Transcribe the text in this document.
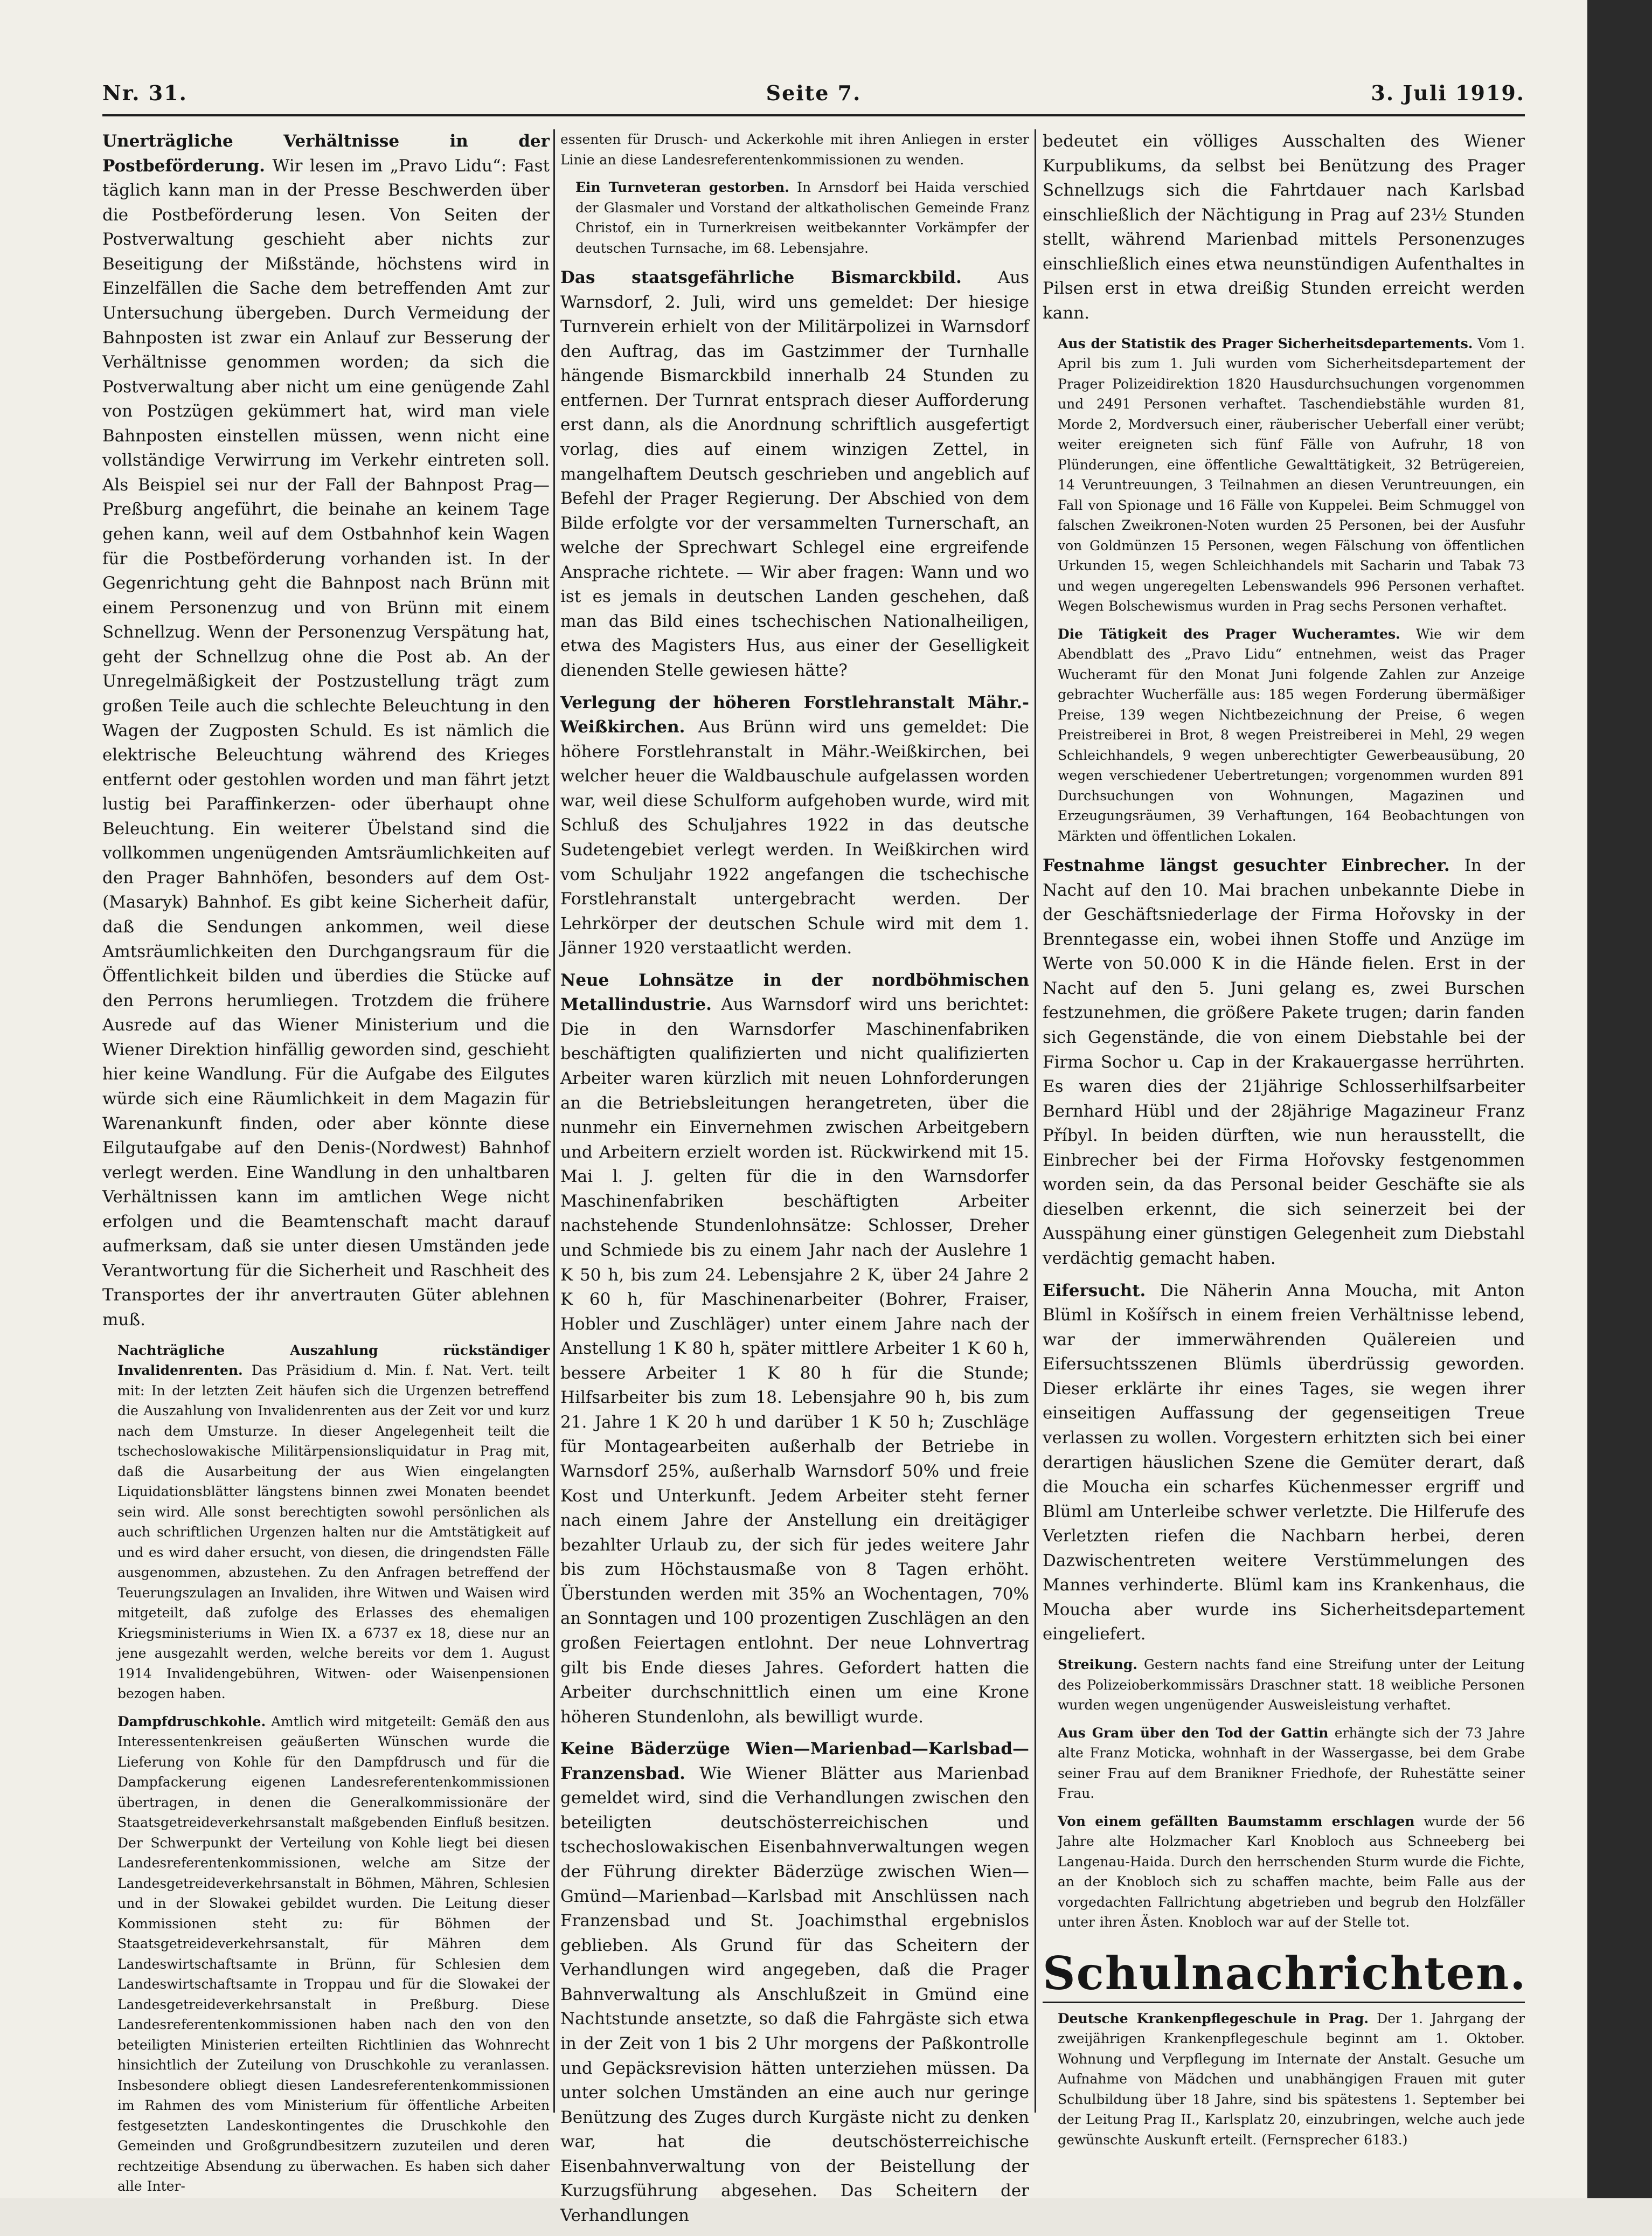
Nr. 31.	Seite 7.	3. Juli 1919.

Unerträgliche Verhältnisse in der Postbeförderung. Wir lesen im „Pravo Lidu“: Fast täglich kann man in der Presse Beschwerden über die Postbeförderung lesen. Von Seiten der Postverwaltung geschieht aber nichts zur Beseitigung der Mißstände, höchstens wird in Einzelfällen die Sache dem betreffenden Amt zur Untersuchung übergeben. Durch Vermeidung der Bahnposten ist zwar ein Anlauf zur Besserung der Verhältnisse genommen worden; da sich die Postverwaltung aber nicht um eine genügende Zahl von Postzügen gekümmert hat, wird man viele Bahnposten einstellen müssen, wenn nicht eine vollständige Verwirrung im Verkehr eintreten soll. Als Beispiel sei nur der Fall der Bahnpost Prag—Preßburg angeführt, die beinahe an keinem Tage gehen kann, weil auf dem Ostbahnhof kein Wagen für die Postbeförderung vorhanden ist. In der Gegenrichtung geht die Bahnpost nach Brünn mit einem Personenzug und von Brünn mit einem Schnellzug. Wenn der Personenzug Verspätung hat, geht der Schnellzug ohne die Post ab. An der Unregelmäßigkeit der Postzustellung trägt zum großen Teile auch die schlechte Beleuchtung in den Wagen der Zugposten Schuld. Es ist nämlich die elektrische Beleuchtung während des Krieges entfernt oder gestohlen worden und man fährt jetzt lustig bei Paraffinkerzen- oder überhaupt ohne Beleuchtung. Ein weiterer Übelstand sind die vollkommen ungenügenden Amtsräumlichkeiten auf den Prager Bahnhöfen, besonders auf dem Ost-(Masaryk) Bahnhof. Es gibt keine Sicherheit dafür, daß die Sendungen ankommen, weil diese Amtsräumlichkeiten den Durchgangsraum für die Öffentlichkeit bilden und überdies die Stücke auf den Perrons herumliegen. Trotzdem die frühere Ausrede auf das Wiener Ministerium und die Wiener Direktion hinfällig geworden sind, geschieht hier keine Wandlung. Für die Aufgabe des Eilgutes würde sich eine Räumlichkeit in dem Magazin für Warenankunft finden, oder aber könnte diese Eilgutaufgabe auf den Denis-(Nordwest) Bahnhof verlegt werden. Eine Wandlung in den unhaltbaren Verhältnissen kann im amtlichen Wege nicht erfolgen und die Beamtenschaft macht darauf aufmerksam, daß sie unter diesen Umständen jede Verantwortung für die Sicherheit und Raschheit des Transportes der ihr anvertrauten Güter ablehnen muß.

Nachträgliche Auszahlung rückständiger Invalidenrenten. Das Präsidium d. Min. f. Nat. Vert. teilt mit: In der letzten Zeit häufen sich die Urgenzen betreffend die Auszahlung von Invalidenrenten aus der Zeit vor und kurz nach dem Umsturze. In dieser Angelegenheit teilt die tschechoslowakische Militärpensionsliquidatur in Prag mit, daß die Ausarbeitung der aus Wien eingelangten Liquidationsblätter längstens binnen zwei Monaten beendet sein wird. Alle sonst berechtigten sowohl persönlichen als auch schriftlichen Urgenzen halten nur die Amtstätigkeit auf und es wird daher ersucht, von diesen, die dringendsten Fälle ausgenommen, abzustehen. Zu den Anfragen betreffend der Teuerungszulagen an Invaliden, ihre Witwen und Waisen wird mitgeteilt, daß zufolge des Erlasses des ehemaligen Kriegsministeriums in Wien IX. a 6737 ex 18, diese nur an jene ausgezahlt werden, welche bereits vor dem 1. August 1914 Invalidengebühren, Witwen- oder Waisenpensionen bezogen haben.

Dampfdruschkohle. Amtlich wird mitgeteilt: Gemäß den aus Interessentenkreisen geäußerten Wünschen wurde die Lieferung von Kohle für den Dampfdrusch und für die Dampfackerung eigenen Landesreferentenkommissionen übertragen, in denen die Generalkommissionäre der Staatsgetreideverkehrsanstalt maßgebenden Einfluß besitzen. Der Schwerpunkt der Verteilung von Kohle liegt bei diesen Landesreferentenkommissionen, welche am Sitze der Landesgetreideverkehrsanstalt in Böhmen, Mähren, Schlesien und in der Slowakei gebildet wurden. Die Leitung dieser Kommissionen steht zu: für Böhmen der Staatsgetreideverkehrsanstalt, für Mähren dem Landeswirtschaftsamte in Brünn, für Schlesien dem Landeswirtschaftsamte in Troppau und für die Slowakei der Landesgetreideverkehrsanstalt in Preßburg. Diese Landesreferentenkommissionen haben nach den von den beteiligten Ministerien erteilten Richtlinien das Wohnrecht hinsichtlich der Zuteilung von Druschkohle zu veranlassen. Insbesondere obliegt diesen Landesreferentenkommissionen im Rahmen des vom Ministerium für öffentliche Arbeiten festgesetzten Landeskontingentes die Druschkohle den Gemeinden und Großgrundbesitzern zuzuteilen und deren rechtzeitige Absendung zu überwachen. Es haben sich daher alle Inter-

essenten für Drusch- und Ackerkohle mit ihren Anliegen in erster Linie an diese Landesreferentenkommissionen zu wenden.

Ein Turnveteran gestorben. In Arnsdorf bei Haida verschied der Glasmaler und Vorstand der altkatholischen Gemeinde Franz Christof, ein in Turnerkreisen weitbekannter Vorkämpfer der deutschen Turnsache, im 68. Lebensjahre.

Das staatsgefährliche Bismarckbild. Aus Warnsdorf, 2. Juli, wird uns gemeldet: Der hiesige Turnverein erhielt von der Militärpolizei in Warnsdorf den Auftrag, das im Gastzimmer der Turnhalle hängende Bismarckbild innerhalb 24 Stunden zu entfernen. Der Turnrat entsprach dieser Aufforderung erst dann, als die Anordnung schriftlich ausgefertigt vorlag, dies auf einem winzigen Zettel, in mangelhaftem Deutsch geschrieben und angeblich auf Befehl der Prager Regierung. Der Abschied von dem Bilde erfolgte vor der versammelten Turnerschaft, an welche der Sprechwart Schlegel eine ergreifende Ansprache richtete. — Wir aber fragen: Wann und wo ist es jemals in deutschen Landen geschehen, daß man das Bild eines tschechischen Nationalheiligen, etwa des Magisters Hus, aus einer der Geselligkeit dienenden Stelle gewiesen hätte?

Verlegung der höheren Forstlehranstalt Mähr.-Weißkirchen. Aus Brünn wird uns gemeldet: Die höhere Forstlehranstalt in Mähr.-Weißkirchen, bei welcher heuer die Waldbauschule aufgelassen worden war, weil diese Schulform aufgehoben wurde, wird mit Schluß des Schuljahres 1922 in das deutsche Sudetengebiet verlegt werden. In Weißkirchen wird vom Schuljahr 1922 angefangen die tschechische Forstlehranstalt untergebracht werden. Der Lehrkörper der deutschen Schule wird mit dem 1. Jänner 1920 verstaatlicht werden.

Neue Lohnsätze in der nordböhmischen Metallindustrie. Aus Warnsdorf wird uns berichtet: Die in den Warnsdorfer Maschinenfabriken beschäftigten qualifizierten und nicht qualifizierten Arbeiter waren kürzlich mit neuen Lohnforderungen an die Betriebsleitungen herangetreten, über die nunmehr ein Einvernehmen zwischen Arbeitgebern und Arbeitern erzielt worden ist. Rückwirkend mit 15. Mai l. J. gelten für die in den Warnsdorfer Maschinenfabriken beschäftigten Arbeiter nachstehende Stundenlohnsätze: Schlosser, Dreher und Schmiede bis zu einem Jahr nach der Auslehre 1 K 50 h, bis zum 24. Lebensjahre 2 K, über 24 Jahre 2 K 60 h, für Maschinenarbeiter (Bohrer, Fraiser, Hobler und Zuschläger) unter einem Jahre nach der Anstellung 1 K 80 h, später mittlere Arbeiter 1 K 60 h, bessere Arbeiter 1 K 80 h für die Stunde; Hilfsarbeiter bis zum 18. Lebensjahre 90 h, bis zum 21. Jahre 1 K 20 h und darüber 1 K 50 h; Zuschläge für Montagearbeiten außerhalb der Betriebe in Warnsdorf 25%, außerhalb Warnsdorf 50% und freie Kost und Unterkunft. Jedem Arbeiter steht ferner nach einem Jahre der Anstellung ein dreitägiger bezahlter Urlaub zu, der sich für jedes weitere Jahr bis zum Höchstausmaße von 8 Tagen erhöht. Überstunden werden mit 35% an Wochentagen, 70% an Sonntagen und 100 prozentigen Zuschlägen an den großen Feiertagen entlohnt. Der neue Lohnvertrag gilt bis Ende dieses Jahres. Gefordert hatten die Arbeiter durchschnittlich einen um eine Krone höheren Stundenlohn, als bewilligt wurde.

Keine Bäderzüge Wien—Marienbad—Karlsbad—Franzensbad. Wie Wiener Blätter aus Marienbad gemeldet wird, sind die Verhandlungen zwischen den beteiligten deutschösterreichischen und tschechoslowakischen Eisenbahnverwaltungen wegen der Führung direkter Bäderzüge zwischen Wien—Gmünd—Marienbad—Karlsbad mit Anschlüssen nach Franzensbad und St. Joachimsthal ergebnislos geblieben. Als Grund für das Scheitern der Verhandlungen wird angegeben, daß die Prager Bahnverwaltung als Anschlußzeit in Gmünd eine Nachtstunde ansetzte, so daß die Fahrgäste sich etwa in der Zeit von 1 bis 2 Uhr morgens der Paßkontrolle und Gepäcksrevision hätten unterziehen müssen. Da unter solchen Umständen an eine auch nur geringe Benützung des Zuges durch Kurgäste nicht zu denken war, hat die deutschösterreichische Eisenbahnverwaltung von der Beistellung der Kurzugsführung abgesehen. Das Scheitern der Verhandlungen

bedeutet ein völliges Ausschalten des Wiener Kurpublikums, da selbst bei Benützung des Prager Schnellzugs sich die Fahrtdauer nach Karlsbad einschließlich der Nächtigung in Prag auf 23½ Stunden stellt, während Marienbad mittels Personenzuges einschließlich eines etwa neunstündigen Aufenthaltes in Pilsen erst in etwa dreißig Stunden erreicht werden kann.

Aus der Statistik des Prager Sicherheitsdepartements. Vom 1. April bis zum 1. Juli wurden vom Sicherheitsdepartement der Prager Polizeidirektion 1820 Hausdurchsuchungen vorgenommen und 2491 Personen verhaftet. Taschendiebstähle wurden 81, Morde 2, Mordversuch einer, räuberischer Ueberfall einer verübt; weiter ereigneten sich fünf Fälle von Aufruhr, 18 von Plünderungen, eine öffentliche Gewalttätigkeit, 32 Betrügereien, 14 Veruntreuungen, 3 Teilnahmen an diesen Veruntreuungen, ein Fall von Spionage und 16 Fälle von Kuppelei. Beim Schmuggel von falschen Zweikronen-Noten wurden 25 Personen, bei der Ausfuhr von Goldmünzen 15 Personen, wegen Fälschung von öffentlichen Urkunden 15, wegen Schleichhandels mit Sacharin und Tabak 73 und wegen ungeregelten Lebenswandels 996 Personen verhaftet. Wegen Bolschewismus wurden in Prag sechs Personen verhaftet.

Die Tätigkeit des Prager Wucheramtes. Wie wir dem Abendblatt des „Pravo Lidu“ entnehmen, weist das Prager Wucheramt für den Monat Juni folgende Zahlen zur Anzeige gebrachter Wucherfälle aus: 185 wegen Forderung übermäßiger Preise, 139 wegen Nichtbezeichnung der Preise, 6 wegen Preistreiberei in Brot, 8 wegen Preistreiberei in Mehl, 29 wegen Schleichhandels, 9 wegen unberechtigter Gewerbeausübung, 20 wegen verschiedener Uebertretungen; vorgenommen wurden 891 Durchsuchungen von Wohnungen, Magazinen und Erzeugungsräumen, 39 Verhaftungen, 164 Beobachtungen von Märkten und öffentlichen Lokalen.

Festnahme längst gesuchter Einbrecher. In der Nacht auf den 10. Mai brachen unbekannte Diebe in der Geschäftsniederlage der Firma Hořovsky in der Brenntegasse ein, wobei ihnen Stoffe und Anzüge im Werte von 50.000 K in die Hände fielen. Erst in der Nacht auf den 5. Juni gelang es, zwei Burschen festzunehmen, die größere Pakete trugen; darin fanden sich Gegenstände, die von einem Diebstahle bei der Firma Sochor u. Cap in der Krakauergasse herrührten. Es waren dies der 21jährige Schlosserhilfsarbeiter Bernhard Hübl und der 28jährige Magazineur Franz Příbyl. In beiden dürften, wie nun herausstellt, die Einbrecher bei der Firma Hořovsky festgenommen worden sein, da das Personal beider Geschäfte sie als dieselben erkennt, die sich seinerzeit bei der Ausspähung einer günstigen Gelegenheit zum Diebstahl verdächtig gemacht haben.

Eifersucht. Die Näherin Anna Moucha, mit Anton Blüml in Košířsch in einem freien Verhältnisse lebend, war der immerwährenden Quälereien und Eifersuchtsszenen Blümls überdrüssig geworden. Dieser erklärte ihr eines Tages, sie wegen ihrer einseitigen Auffassung der gegenseitigen Treue verlassen zu wollen. Vorgestern erhitzten sich bei einer derartigen häuslichen Szene die Gemüter derart, daß die Moucha ein scharfes Küchenmesser ergriff und Blüml am Unterleibe schwer verletzte. Die Hilferufe des Verletzten riefen die Nachbarn herbei, deren Dazwischentreten weitere Verstümmelungen des Mannes verhinderte. Blüml kam ins Krankenhaus, die Moucha aber wurde ins Sicherheitsdepartement eingeliefert.

Streikung. Gestern nachts fand eine Streifung unter der Leitung des Polizeioberkommissärs Draschner statt. 18 weibliche Personen wurden wegen ungenügender Ausweisleistung verhaftet.

Aus Gram über den Tod der Gattin erhängte sich der 73 Jahre alte Franz Moticka, wohnhaft in der Wassergasse, bei dem Grabe seiner Frau auf dem Branikner Friedhofe, der Ruhestätte seiner Frau.

Von einem gefällten Baumstamm erschlagen wurde der 56 Jahre alte Holzmacher Karl Knobloch aus Schneeberg bei Langenau-Haida. Durch den herrschenden Sturm wurde die Fichte, an der Knobloch sich zu schaffen machte, beim Falle aus der vorgedachten Fallrichtung abgetrieben und begrub den Holzfäller unter ihren Ästen. Knobloch war auf der Stelle tot.

Schulnachrichten.

Deutsche Krankenpflegeschule in Prag. Der 1. Jahrgang der zweijährigen Krankenpflegeschule beginnt am 1. Oktober. Wohnung und Verpflegung im Internate der Anstalt. Gesuche um Aufnahme von Mädchen und unabhängigen Frauen mit guter Schulbildung über 18 Jahre, sind bis spätestens 1. September bei der Leitung Prag II., Karlsplatz 20, einzubringen, welche auch jede gewünschte Auskunft erteilt. (Fernsprecher 6183.)
